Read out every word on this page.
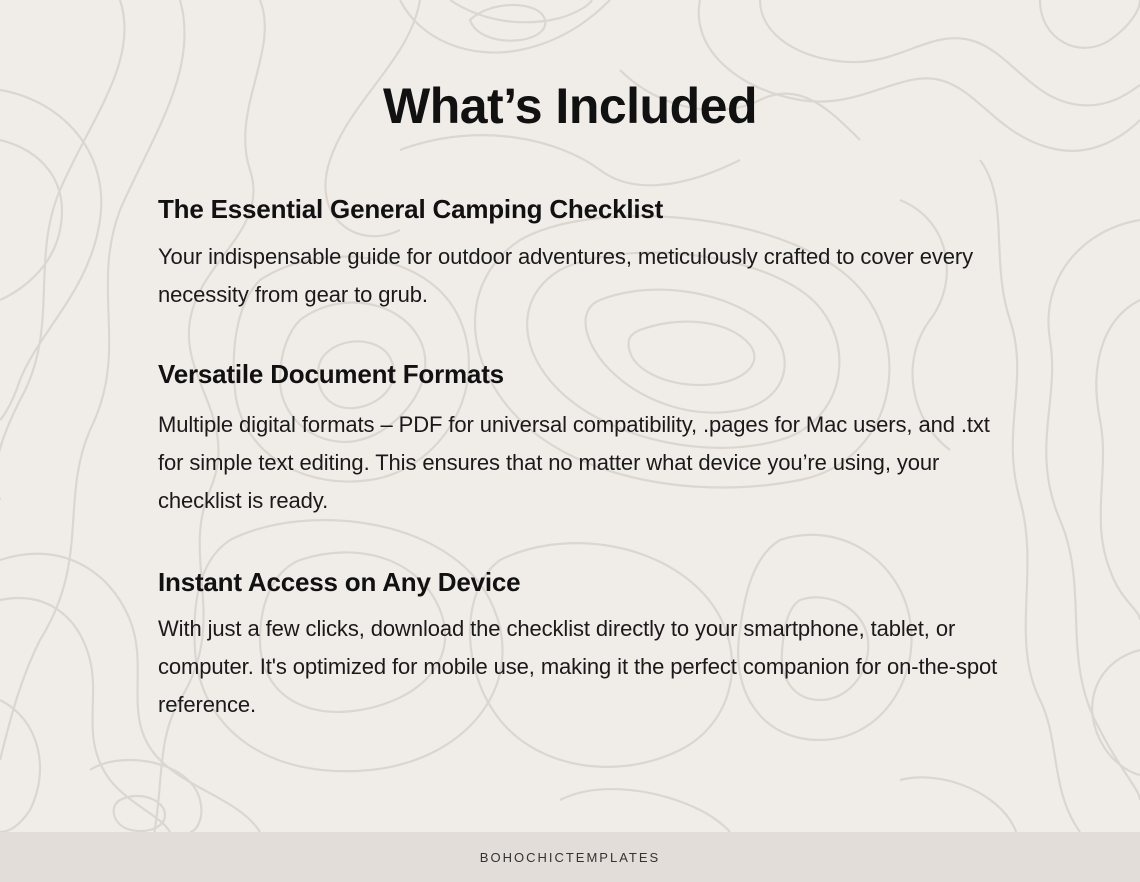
What’s Included
The Essential General Camping Checklist

Your indispensable guide for outdoor adventures, meticulously crafted to cover every necessity from gear to grub.

Versatile Document Formats

Multiple digital formats – PDF for universal compatibility, .pages for Mac users, and .txt for simple text editing. This ensures that no matter what device you’re using, your checklist is ready.

Instant Access on Any Device

With just a few clicks, download the checklist directly to your smartphone, tablet, or computer. It's optimized for mobile use, making it the perfect companion for on-the-spot reference.

BOHOCHICTEMPLATES
